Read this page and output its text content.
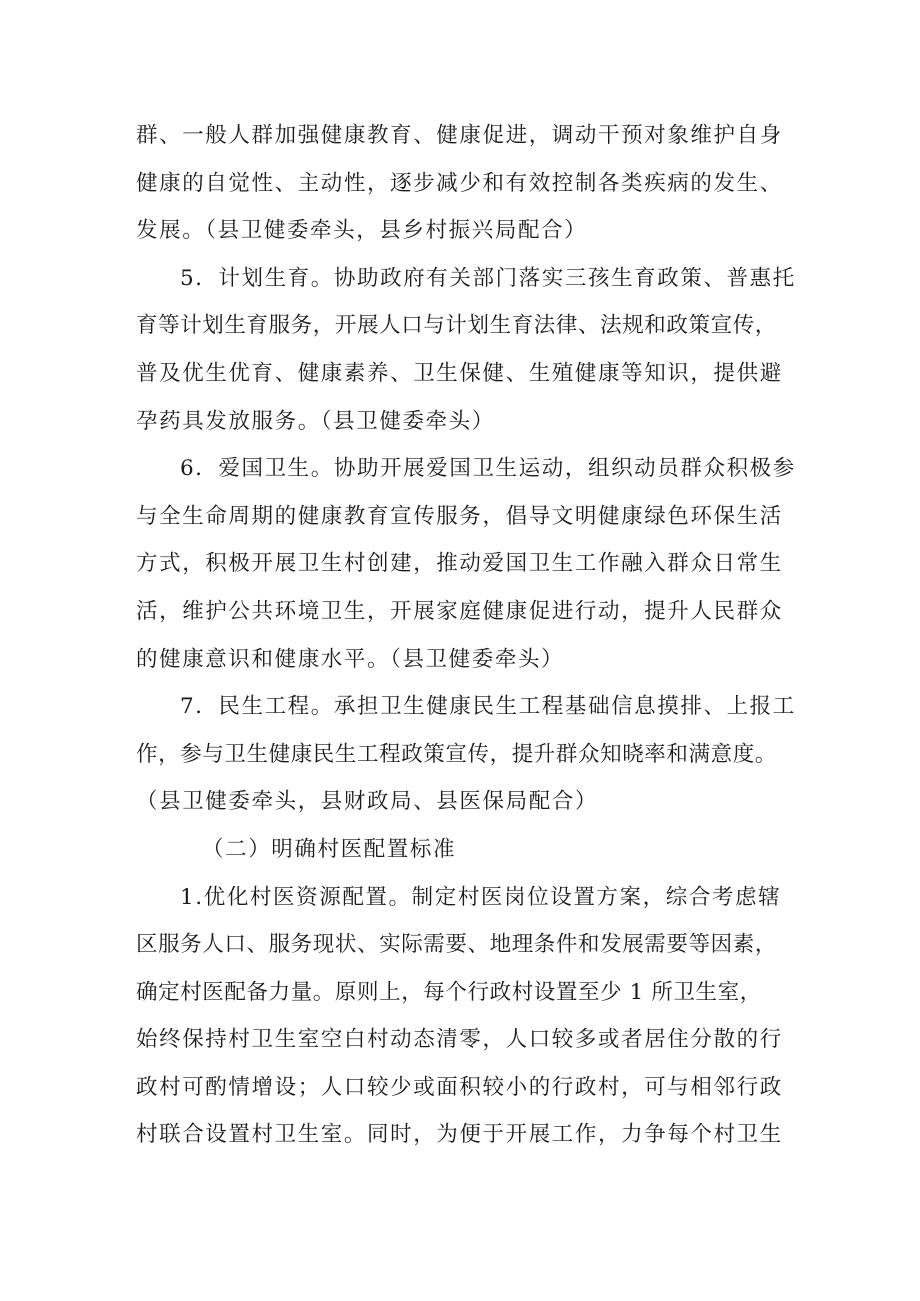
群、一般人群加强健康教育、健康促进，调动干预对象维护自身
健康的自觉性、主动性，逐步减少和有效控制各类疾病的发生、
发展。（县卫健委牵头，县乡村振兴局配合）
5．计划生育。协助政府有关部门落实三孩生育政策、普惠托
育等计划生育服务，开展人口与计划生育法律、法规和政策宣传，
普及优生优育、健康素养、卫生保健、生殖健康等知识，提供避
孕药具发放服务。（县卫健委牵头）
6．爱国卫生。协助开展爱国卫生运动，组织动员群众积极参
与全生命周期的健康教育宣传服务，倡导文明健康绿色环保生活
方式，积极开展卫生村创建，推动爱国卫生工作融入群众日常生
活，维护公共环境卫生，开展家庭健康促进行动，提升人民群众
的健康意识和健康水平。（县卫健委牵头）
7．民生工程。承担卫生健康民生工程基础信息摸排、上报工
作，参与卫生健康民生工程政策宣传，提升群众知晓率和满意度。
（县卫健委牵头，县财政局、县医保局配合）
（二）明确村医配置标准
1.优化村医资源配置。制定村医岗位设置方案，综合考虑辖
区服务人口、服务现状、实际需要、地理条件和发展需要等因素，
确定村医配备力量。原则上，每个行政村设置至少 1 所卫生室，
始终保持村卫生室空白村动态清零，人口较多或者居住分散的行
政村可酌情增设；人口较少或面积较小的行政村，可与相邻行政
村联合设置村卫生室。同时，为便于开展工作，力争每个村卫生
